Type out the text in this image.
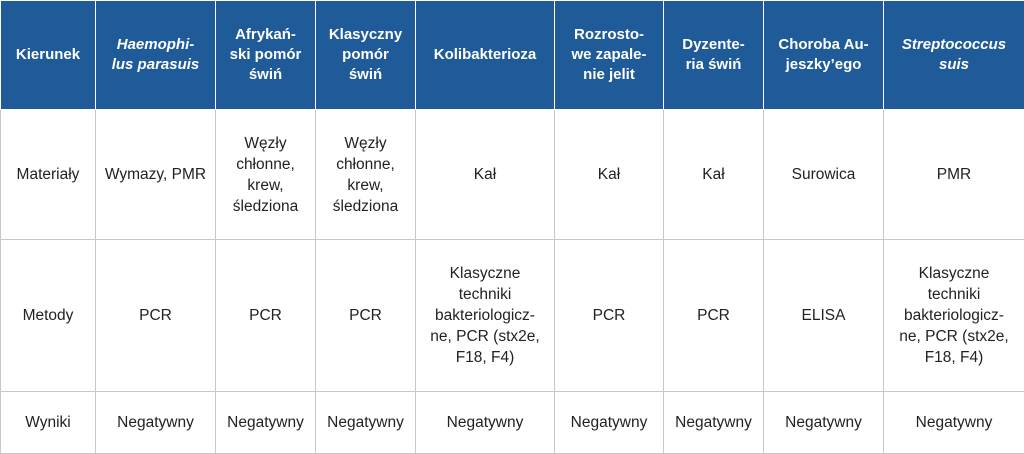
Kierunek	Haemophi-
lus parasuis	Afrykań-
ski pomór
świń	Klasyczny
pomór
świń	Kolibakterioza	Rozrosto-
we zapale-
nie jelit	Dyzente-
ria świń	Choroba Au-
jeszky’ego	Streptococcus
suis
Materiały	Wymazy, PMR	Węzły
chłonne,
krew,
śledziona	Węzły
chłonne,
krew,
śledziona	Kał	Kał	Kał	Surowica	PMR
Metody	PCR	PCR	PCR	Klasyczne
techniki
bakteriologicz-
ne, PCR (stx2e,
F18, F4)	PCR	PCR	ELISA	Klasyczne
techniki
bakteriologicz-
ne, PCR (stx2e,
F18, F4)
Wyniki	Negatywny	Negatywny	Negatywny	Negatywny	Negatywny	Negatywny	Negatywny	Negatywny
